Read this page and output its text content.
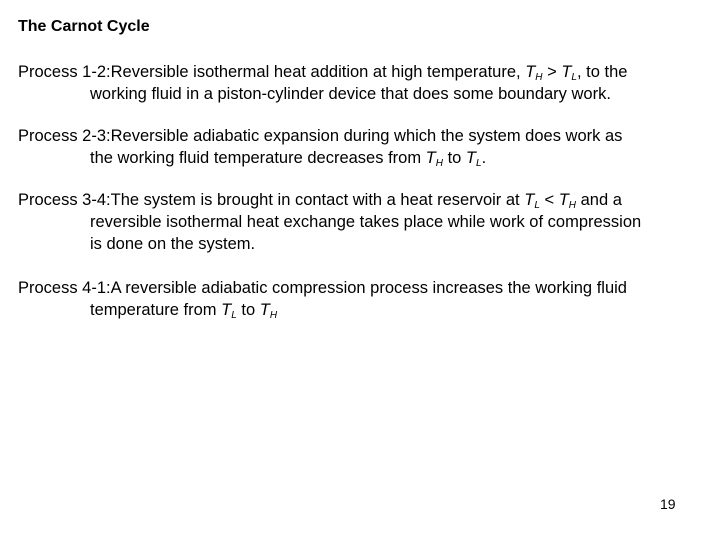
The Carnot Cycle
Process 1-2:Reversible isothermal heat addition at high temperature, $T_H > T_L$, to the
working fluid in a piston-cylinder device that does some boundary work.
Process 2-3:Reversible adiabatic expansion during which the system does work as
the working fluid temperature decreases from $T_H$ to $T_L$.
Process 3-4:The system is brought in contact with a heat reservoir at $T_L < T_H$ and a
reversible isothermal heat exchange takes place while work of compression
is done on the system.
Process 4-1:A reversible adiabatic compression process increases the working fluid
temperature from $T_L$ to $T_H$
19
